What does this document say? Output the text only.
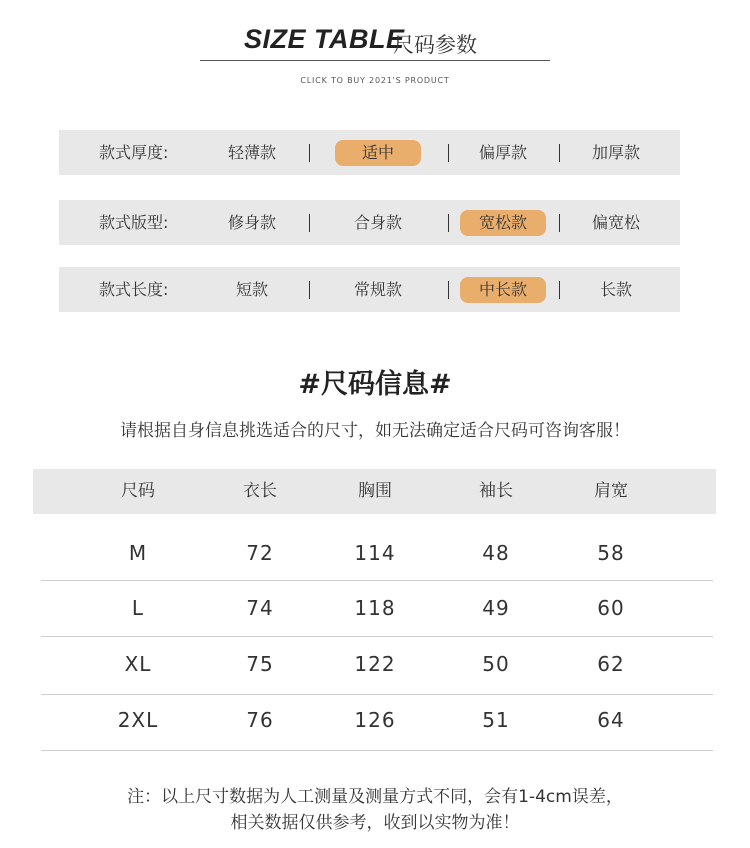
SIZE TABLE
尺码参数
CLICK TO BUY 2021'S PRODUCT
款式厚度:	轻薄款	适中	偏厚款	加厚款
款式版型:	修身款	合身款	宽松款	偏宽松
款式长度:	短款	常规款	中长款	长款
#尺码信息#
请根据自身信息挑选适合的尺寸，如无法确定适合尺码可咨询客服！
尺码	衣长	胸围	袖长	肩宽
M	72	114	48	58
L	74	118	49	60
XL	75	122	50	62
2XL	76	126	51	64
注：以上尺寸数据为人工测量及测量方式不同，会有1-4cm误差，
相关数据仅供参考，收到以实物为准！
